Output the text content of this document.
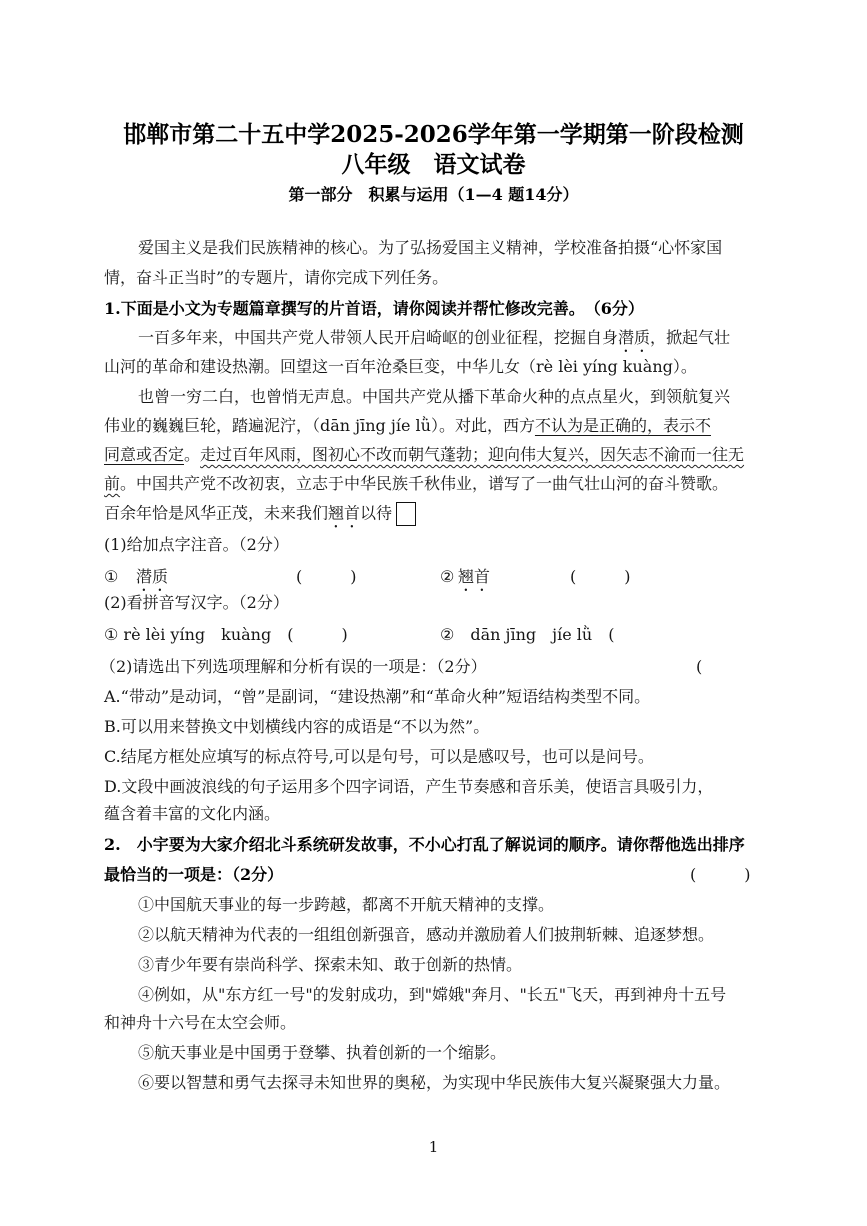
邯郸市第二十五中学2025-2026学年第一学期第一阶段检测
八年级　语文试卷
第一部分　积累与运用（1—4 题14分）
爱国主义是我们民族精神的核心。为了弘扬爱国主义精神，学校准备拍摄“心怀家国
情，奋斗正当时”的专题片，请你完成下列任务。
1.下面是小文为专题篇章撰写的片首语，请你阅读并帮忙修改完善。　（6分）
一百多年来，中国共产党人带领人民开启崎岖的创业征程，挖掘自身潜质，掀起气壮
山河的革命和建设热潮。回望这一百年沧桑巨变，中华儿女（rè lèi yíng kuàng）。
也曾一穷二白，也曾悄无声息。中国共产党从播下革命火种的点点星火，到领航复兴
伟业的巍巍巨轮，踏遍泥泞，（dān jīng jíe lǜ）。对此，西方不认为是正确的，表示不
同意或否定。走过百年风雨，图初心不改而朝气蓬勃；迎向伟大复兴，因矢志不渝而一往无
前。中国共产党不改初衷，立志于中华民族千秋伟业，谱写了一曲气壮山河的奋斗赞歌。
百余年恰是风华正茂，未来我们翘首以待
(1)给加点字注音。（2分）
① 潜质	(　　　)	② 翘首	(　　　)
(2)看拼音写汉字。（2分）
① rè lèi yíng　kuàng　(　　　)	②　dān jīng　jíe lǜ　(
（2)请选出下列选项理解和分析有误的一项是：（2分）	(
A.“带动”是动词，“曾”是副词，“建设热潮”和“革命火种”短语结构类型不同。
B.可以用来替换文中划横线内容的成语是“不以为然”。
C.结尾方框处应填写的标点符号,可以是句号，可以是感叹号，也可以是问号。
D.文段中画波浪线的句子运用多个四字词语，产生节奏感和音乐美，使语言具吸引力，
蕴含着丰富的文化内涵。
2.　小宇要为大家介绍北斗系统研发故事，不小心打乱了解说词的顺序。请你帮他选出排序
最恰当的一项是：（2分）	(　　　)
①中国航天事业的每一步跨越，都离不开航天精神的支撑。
②以航天精神为代表的一组组创新强音，感动并激励着人们披荆斩棘、追逐梦想。
③青少年要有崇尚科学、探索未知、敢于创新的热情。
④例如，从"东方红一号"的发射成功，到"嫦娥"奔月、"长五"飞天，再到神舟十五号
和神舟十六号在太空会师。
⑤航天事业是中国勇于登攀、执着创新的一个缩影。
⑥要以智慧和勇气去探寻未知世界的奥秘，为实现中华民族伟大复兴凝聚强大力量。
1
